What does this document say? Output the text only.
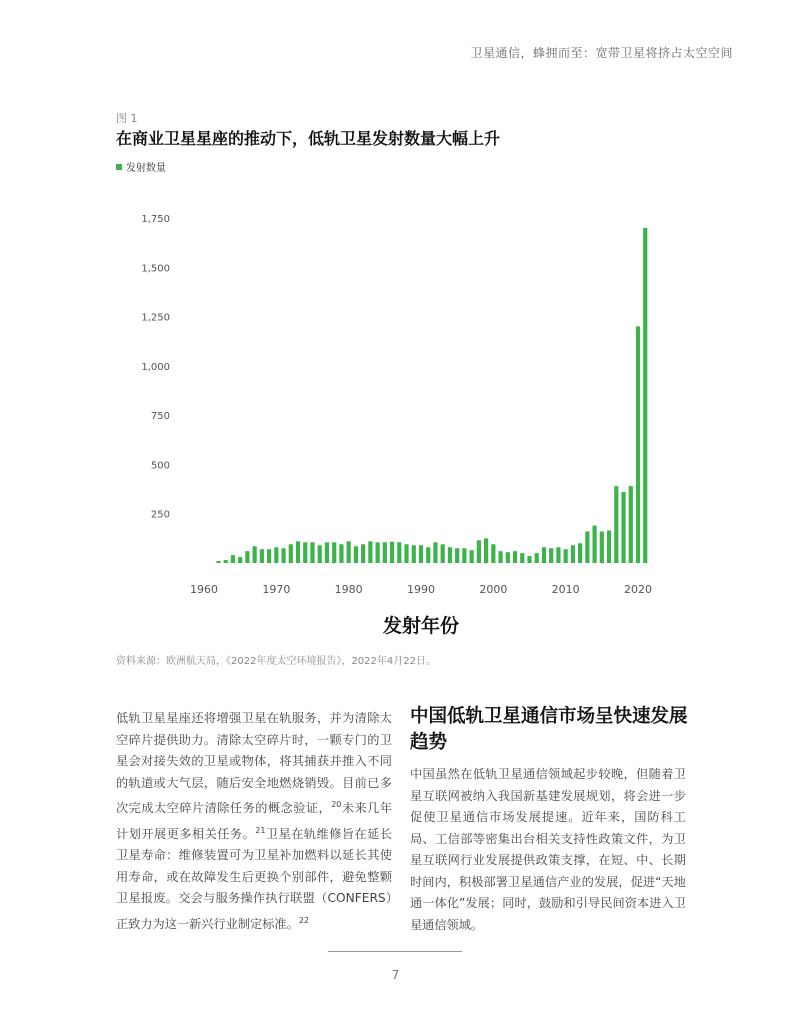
卫星通信，蜂拥而至：宽带卫星将挤占太空空间
图 1
在商业卫星星座的推动下，低轨卫星发射数量大幅上升
发射数量
250
500
750
1,000
1,250
1,500
1,750
1960	1970	1980	1990	2000	2010	2020
发射年份
资料来源：欧洲航天局，《2022年度太空环境报告》，2022年4月22日。
低轨卫星星座还将增强卫星在轨服务，并为清除太空碎片提供助力。清除太空碎片时，一颗专门的卫星会对接失效的卫星或物体，将其捕获并推入不同的轨道或大气层，随后安全地燃烧销毁。目前已多次完成太空碎片清除任务的概念验证，$^{20}$未来几年计划开展更多相关任务。$^{21}$卫星在轨维修旨在延长卫星寿命：维修装置可为卫星补加燃料以延长其使用寿命，或在故障发生后更换个别部件，避免整颗卫星报废。交会与服务操作执行联盟（CONFERS）正致力为这一新兴行业制定标准。$^{22}$
中国低轨卫星通信市场呈快速发展趋势
中国虽然在低轨卫星通信领域起步较晚，但随着卫星互联网被纳入我国新基建发展规划，将会进一步促使卫星通信市场发展提速。近年来，国防科工局、工信部等密集出台相关支持性政策文件，为卫星互联网行业发展提供政策支撑，在短、中、长期时间内，积极部署卫星通信产业的发展，促进“天地通一体化”发展；同时，鼓励和引导民间资本进入卫星通信领域。
7
